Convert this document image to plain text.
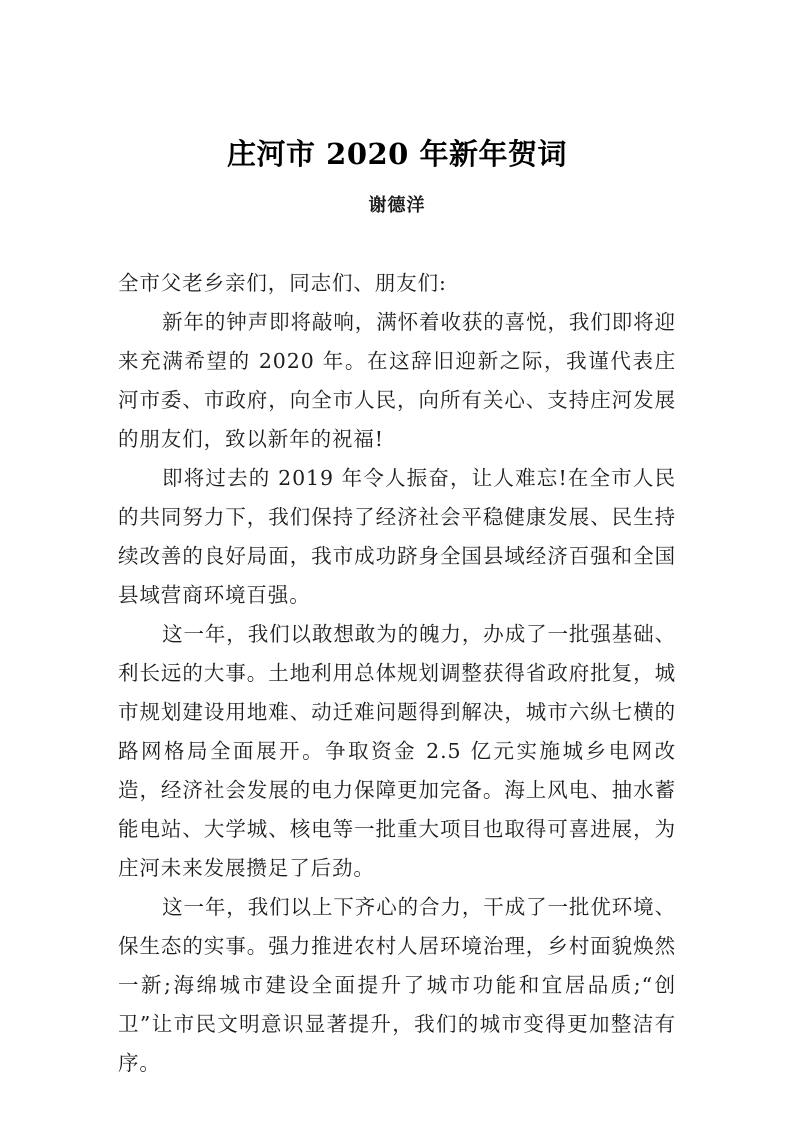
庄河市 2020 年新年贺词
谢德洋

全市父老乡亲们，同志们、朋友们:

新年的钟声即将敲响，满怀着收获的喜悦，我们即将迎来充满希望的 2020 年。在这辞旧迎新之际，我谨代表庄河市委、市政府，向全市人民，向所有关心、支持庄河发展的朋友们，致以新年的祝福!

即将过去的 2019 年令人振奋，让人难忘!在全市人民的共同努力下，我们保持了经济社会平稳健康发展、民生持续改善的良好局面，我市成功跻身全国县域经济百强和全国县域营商环境百强。

这一年，我们以敢想敢为的魄力，办成了一批强基础、利长远的大事。土地利用总体规划调整获得省政府批复，城市规划建设用地难、动迁难问题得到解决，城市六纵七横的路网格局全面展开。争取资金 2.5 亿元实施城乡电网改造，经济社会发展的电力保障更加完备。海上风电、抽水蓄能电站、大学城、核电等一批重大项目也取得可喜进展，为庄河未来发展攒足了后劲。

这一年，我们以上下齐心的合力，干成了一批优环境、保生态的实事。强力推进农村人居环境治理，乡村面貌焕然一新;海绵城市建设全面提升了城市功能和宜居品质;“创卫”让市民文明意识显著提升，我们的城市变得更加整洁有序。
